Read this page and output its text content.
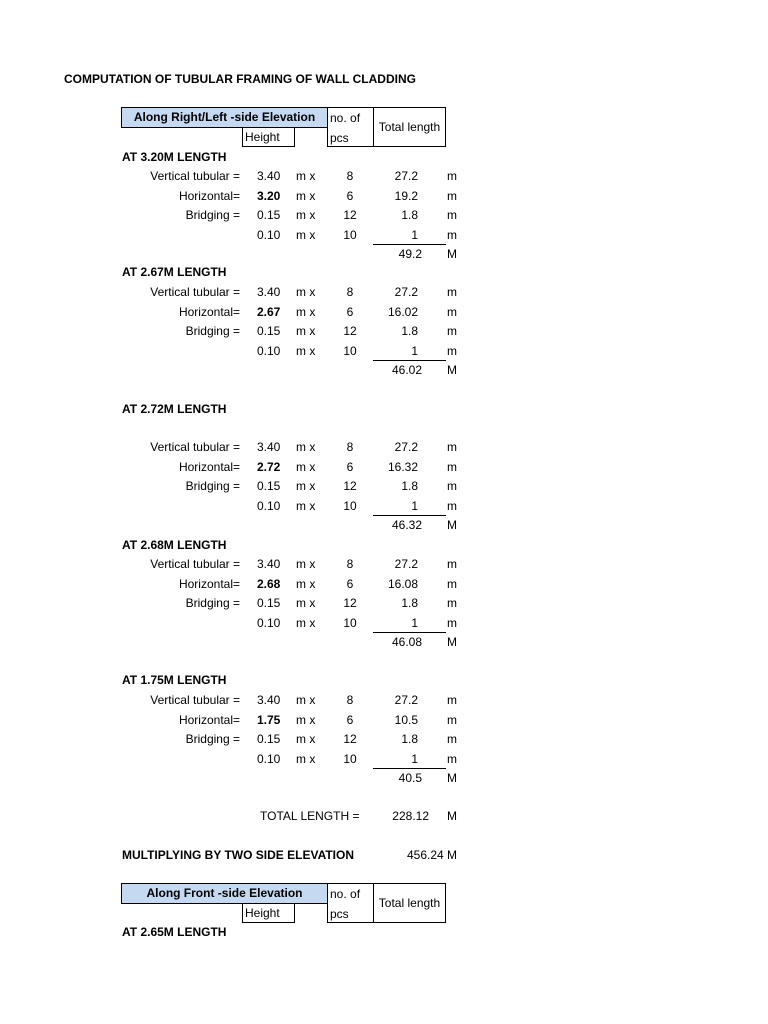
COMPUTATION OF TUBULAR FRAMING OF WALL CLADDING
Along Right/Left -side Elevation
Height
no. of
pcs
Total length
AT 3.20M LENGTH
Vertical tubular = 3.40 m x	8	27.2 m
Horizontal= 3.20 m x	6	19.2 m
Bridging = 0.15 m x	12	1.8 m
0.10 m x	10	1 m
49.2 M
AT 2.67M LENGTH
Vertical tubular = 3.40 m x	8	27.2 m
Horizontal= 2.67 m x	6	16.02 m
Bridging = 0.15 m x	12	1.8 m
0.10 m x	10	1 m
46.02 M
AT 2.72M LENGTH
Vertical tubular = 3.40 m x	8	27.2 m
Horizontal= 2.72 m x	6	16.32 m
Bridging = 0.15 m x	12	1.8 m
0.10 m x	10	1 m
46.32 M
AT 2.68M LENGTH
Vertical tubular = 3.40 m x	8	27.2 m
Horizontal= 2.68 m x	6	16.08 m
Bridging = 0.15 m x	12	1.8 m
0.10 m x	10	1 m
46.08 M
AT 1.75M LENGTH
Vertical tubular = 3.40 m x	8	27.2 m
Horizontal= 1.75 m x	6	10.5 m
Bridging = 0.15 m x	12	1.8 m
0.10 m x	10	1 m
40.5 M
TOTAL LENGTH =	228.12 M
MULTIPLYING BY TWO SIDE ELEVATION	456.24 M
Along Front -side Elevation
Height
no. of
pcs
Total length
AT 2.65M LENGTH
